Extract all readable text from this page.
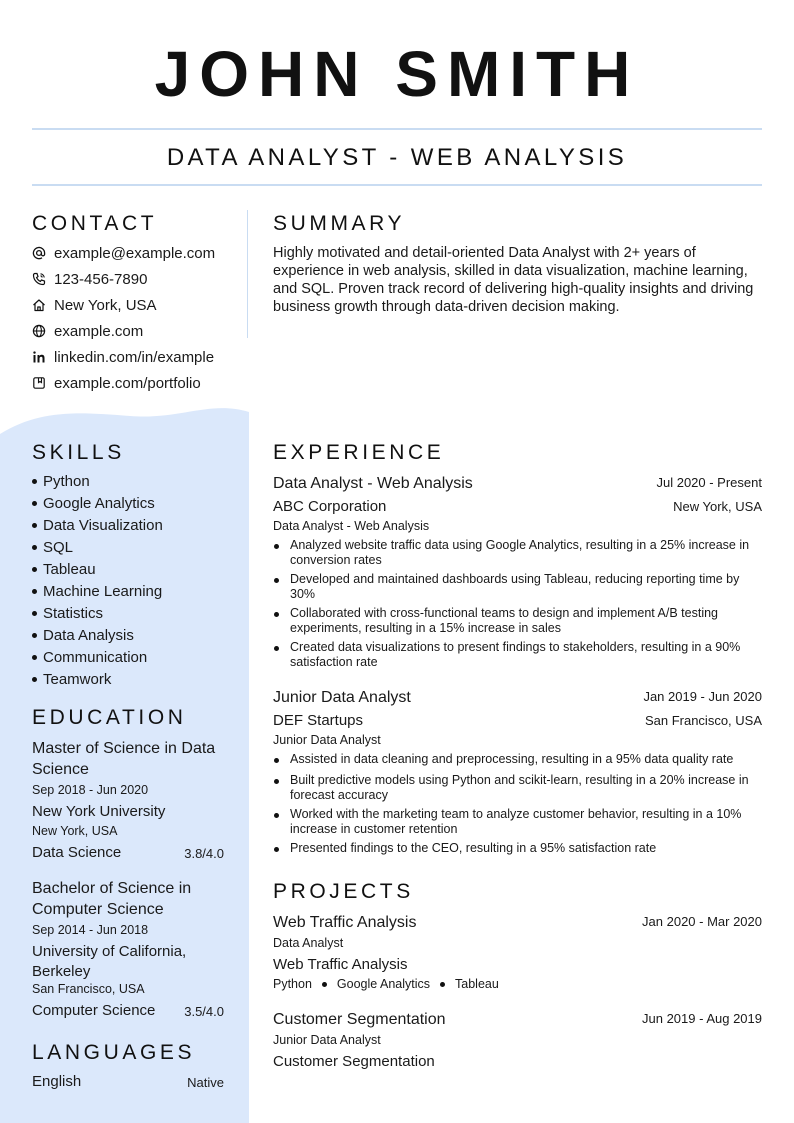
JOHN SMITH
DATA ANALYST - WEB ANALYSIS
CONTACT
example@example.com
123-456-7890
New York, USA
example.com
linkedin.com/in/example
example.com/portfolio
SKILLS
Python
Google Analytics
Data Visualization
SQL
Tableau
Machine Learning
Statistics
Data Analysis
Communication
Teamwork
EDUCATION
Master of Science in Data Science
Sep 2018 - Jun 2020
New York University
New York, USA
Data Science	3.8/4.0
Bachelor of Science in Computer Science
Sep 2014 - Jun 2018
University of California, Berkeley
San Francisco, USA
Computer Science	3.5/4.0
LANGUAGES
English	Native
SUMMARY
Highly motivated and detail-oriented Data Analyst with 2+ years of experience in web analysis, skilled in data visualization, machine learning, and SQL. Proven track record of delivering high-quality insights and driving business growth through data-driven decision making.
EXPERIENCE
Data Analyst - Web Analysis	Jul 2020 - Present
ABC Corporation	New York, USA
Data Analyst - Web Analysis
Analyzed website traffic data using Google Analytics, resulting in a 25% increase in conversion rates
Developed and maintained dashboards using Tableau, reducing reporting time by 30%
Collaborated with cross-functional teams to design and implement A/B testing experiments, resulting in a 15% increase in sales
Created data visualizations to present findings to stakeholders, resulting in a 90% satisfaction rate
Junior Data Analyst	Jan 2019 - Jun 2020
DEF Startups	San Francisco, USA
Junior Data Analyst
Assisted in data cleaning and preprocessing, resulting in a 95% data quality rate
Built predictive models using Python and scikit-learn, resulting in a 20% increase in forecast accuracy
Worked with the marketing team to analyze customer behavior, resulting in a 10% increase in customer retention
Presented findings to the CEO, resulting in a 95% satisfaction rate
PROJECTS
Web Traffic Analysis	Jan 2020 - Mar 2020
Data Analyst
Web Traffic Analysis
Python Google Analytics Tableau
Customer Segmentation	Jun 2019 - Aug 2019
Junior Data Analyst
Customer Segmentation
